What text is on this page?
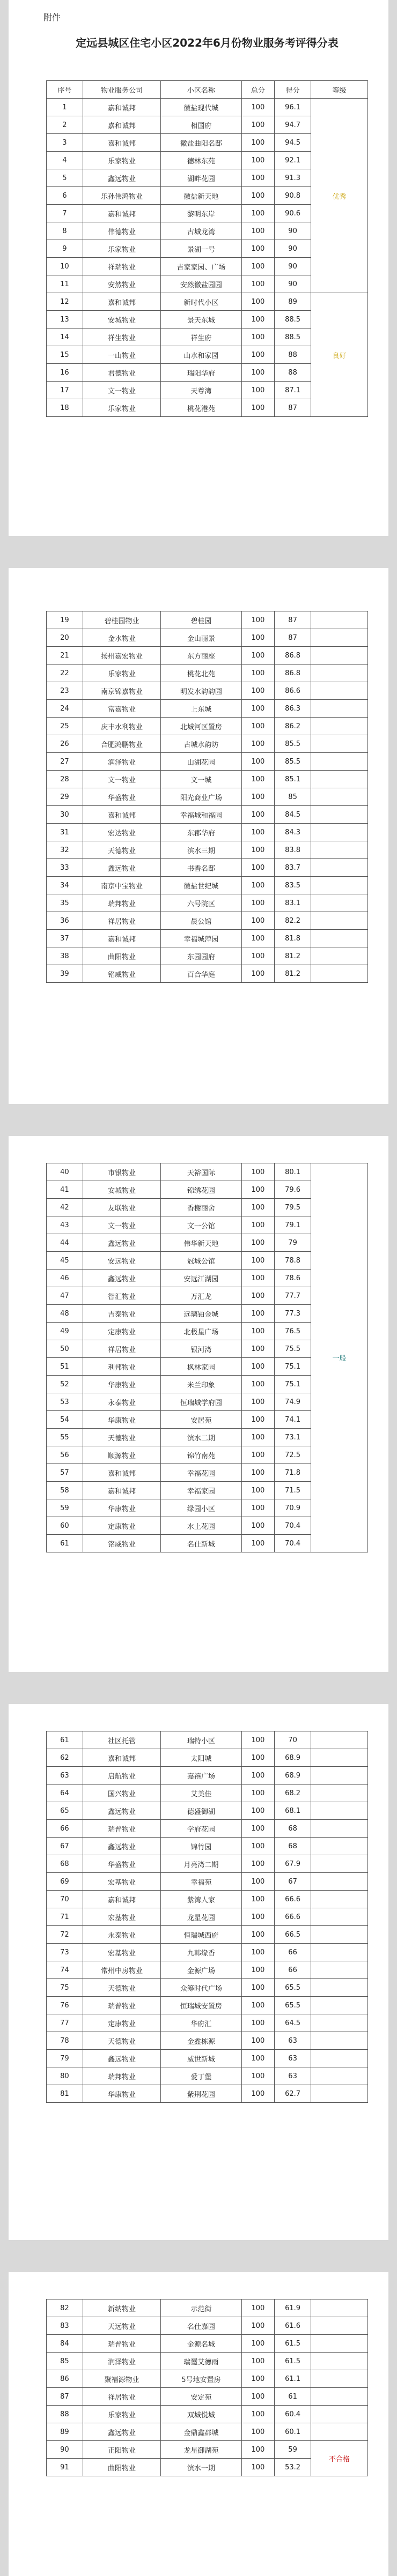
附件
定远县城区住宅小区2022年6月份物业服务考评得分表
序号	物业服务公司	小区名称	总分	得分	等级
1	嘉和诚邦	徽盐现代城	100	96.1	优秀
2	嘉和诚邦	相国府	100	94.7	
3	嘉和诚邦	徽盐曲阳名邸	100	94.5	
4	乐家物业	德林东苑	100	92.1	
5	鑫远物业	湖畔花园	100	91.3	
6	乐孙伟鸿物业	徽盐新天地	100	90.8	
7	嘉和诚邦	黎明东岸	100	90.6	
8	伟德物业	古城龙湾	100	90	
9	乐家物业	景湖一号	100	90	
10	祥瑞物业	吉家家园、广场	100	90	
11	安然物业	安然徽盐园园	100	90	
12	嘉和诚邦	新时代小区	100	89	良好
13	安城物业	景天东城	100	88.5	
14	祥生物业	祥生府	100	88.5	
15	一山物业	山水和家园	100	88	
16	君德物业	瑞阳华府	100	88	
17	文一物业	天尊湾	100	87.1	
18	乐家物业	桃花港苑	100	87	
19	碧桂园物业	碧桂园	100	87	
20	金水物业	金山丽景	100	87	
21	扬州嘉宏物业	东方丽座	100	86.8	
22	乐家物业	桃花北苑	100	86.8	
23	南京锦嘉物业	明发水韵韵园	100	86.6	
24	富嘉物业	上东城	100	86.3	
25	庆丰水利物业	北城河区置房	100	86.2	
26	合肥鸿鹏物业	古城水韵坊	100	85.5	
27	润泽物业	山湖花园	100	85.5	
28	文一物业	文一城	100	85.1	
29	华盛物业	阳光商业广场	100	85	
30	嘉和诚邦	幸福城和福园	100	84.5	
31	宏达物业	东郡华府	100	84.3	
32	天德物业	滨水三期	100	83.8	
33	鑫远物业	书香名邸	100	83.7	
34	南京中宝物业	徽盐世纪城	100	83.5	
35	瑞邦物业	六号院区	100	83.1	
36	祥居物业	晨公馆	100	82.2	
37	嘉和诚邦	幸福城萍园	100	81.8	
38	曲阳物业	东园园府	100	81.2	
39	铭威物业	百合华庭	100	81.2	
40	市银物业	天裕国际	100	80.1	一般
41	安城物业	锦绣花园	100	79.6	
42	友联物业	香榭丽舍	100	79.5	
43	文一物业	文一公馆	100	79.1	
44	鑫远物业	伟华新天地	100	79	
45	安远物业	冠城公馆	100	78.8	
46	鑫远物业	安远江湖园	100	78.6	
47	智汇物业	万汇龙	100	77.7	
48	吉泰物业	远璃铂金城	100	77.3	
49	定康物业	北极星广场	100	76.5	
50	祥居物业	银河湾	100	75.5	
51	利邦物业	枫林家园	100	75.1	
52	华康物业	米兰印象	100	75.1	
53	永泰物业	恒瑞城学府园	100	74.9	
54	华康物业	安居苑	100	74.1	
55	天德物业	滨水二期	100	73.1	
56	顺源物业	锦竹南苑	100	72.5	
57	嘉和诚邦	幸福花园	100	71.8	
58	嘉和诚邦	幸福家园	100	71.5	
59	华康物业	绿园小区	100	70.9	
60	定康物业	水上花园	100	70.4	
61	铭威物业	名仕新城	100	70.4	
61	社区托管	瑞特小区	100	70	
62	嘉和诚邦	太阳城	100	68.9	
63	启航物业	嘉禧广场	100	68.9	
64	国兴物业	艾美佳	100	68.2	
65	鑫远物业	德盛御湖	100	68.1	
66	瑞普物业	学府花园	100	68	
67	鑫远物业	锦竹园	100	68	
68	华盛物业	月亮湾二期	100	67.9	
69	宏基物业	幸福苑	100	67	
70	嘉和诚邦	紫湾人家	100	66.6	
71	宏基物业	龙星花园	100	66.6	
72	永泰物业	恒瑞城西府	100	66.5	
73	宏基物业	九韩缘香	100	66	
74	常州中房物业	金源广场	100	66	
75	天德物业	众筹时代广场	100	65.5	
76	瑞普物业	恒瑞城安置房	100	65.5	
77	定康物业	华府汇	100	64.5	
78	天德物业	金鑫栋源	100	63	
79	鑫远物业	威世新城	100	63	
80	瑞邦物业	爱丁堡	100	63	
81	华康物业	紫荆花园	100	62.7	
82	新纳物业	示范街	100	61.9	
83	天远物业	名仕嘉园	100	61.6	
84	瑞普物业	金源名城	100	61.5	
85	润泽物业	瑞璽艾德雨	100	61.5	
86	聚福源物业	5号地安置房	100	61.1	
87	祥居物业	安定苑	100	61	
88	乐家物业	双城悦城	100	60.4	
89	鑫远物业	金鼎鑫郡城	100	60.1	
90	正阳物业	龙星御湖苑	100	59	不合格
91	曲阳物业	滨水一期	100	53.2	
